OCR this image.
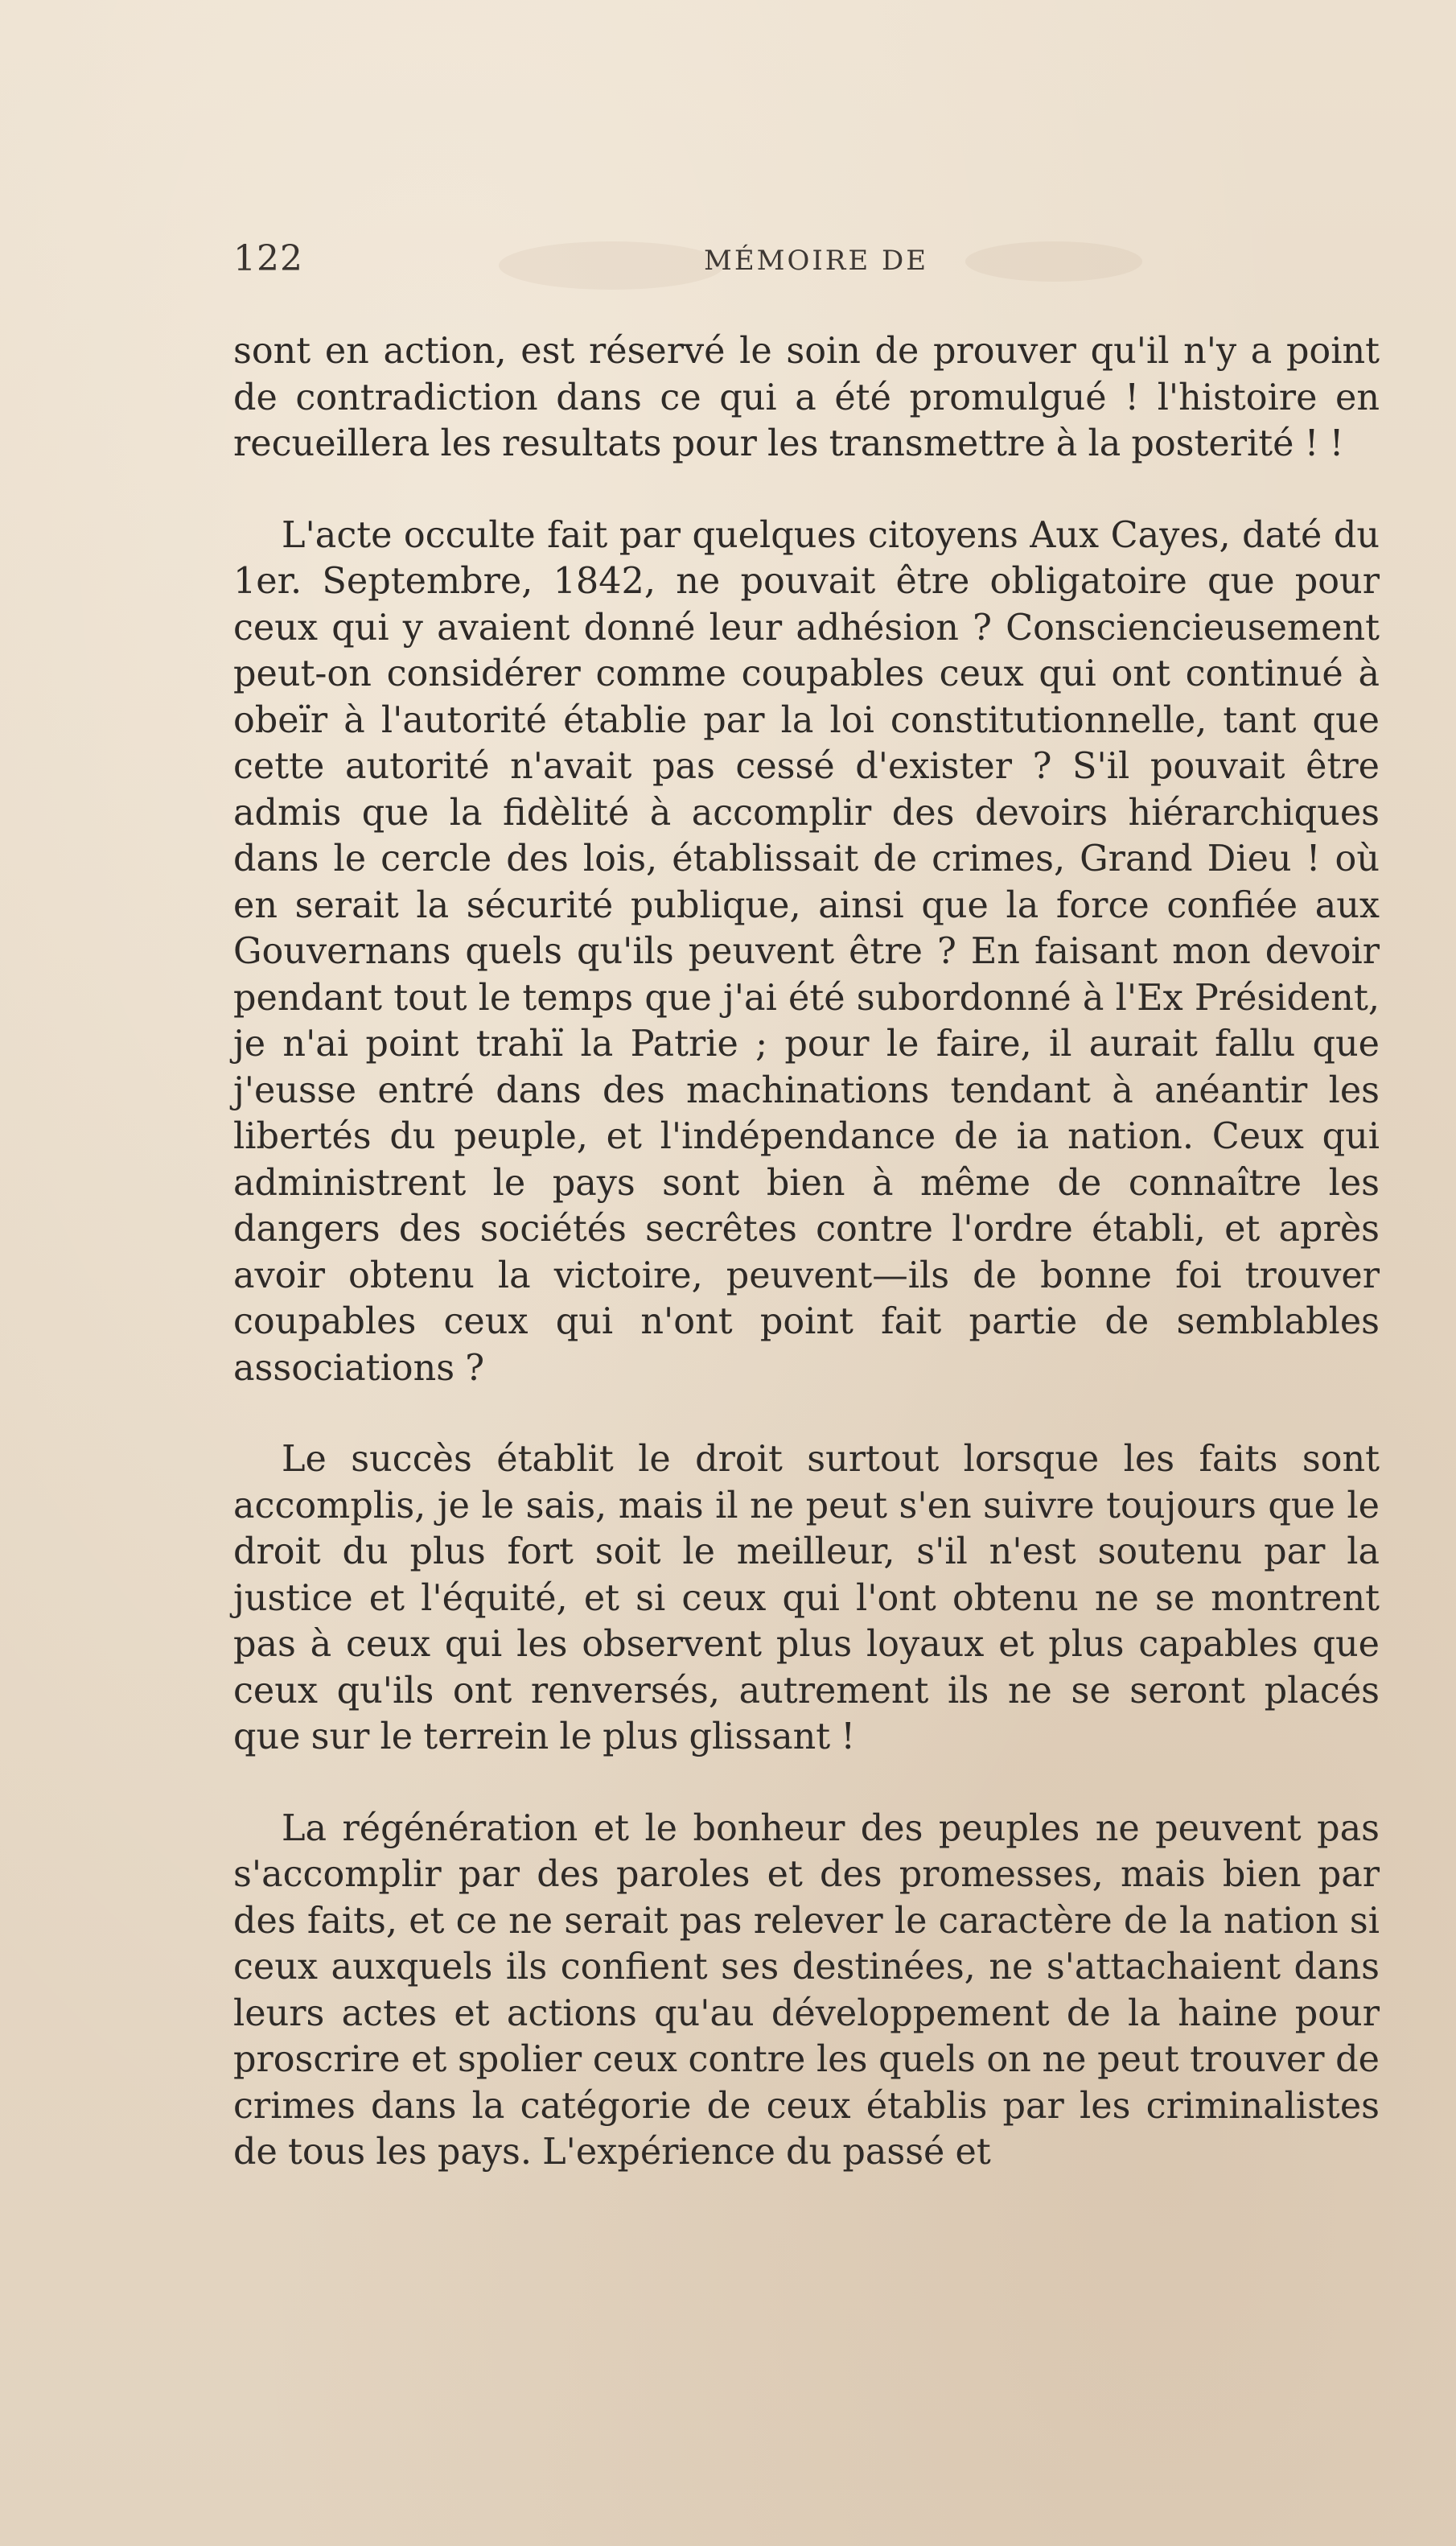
122	MÉMOIRE DE

sont en action, est réservé le soin de prouver qu'il n'y a point de contradiction dans ce qui a été promulgué ! l'histoire en recueillera les resultats pour les transmettre à la posterité ! !

L'acte occulte fait par quelques citoyens Aux Cayes, daté du 1er. Septembre, 1842, ne pouvait être obligatoire que pour ceux qui y avaient donné leur adhésion ? Consciencieusement peut-on considérer comme coupables ceux qui ont continué à obeïr à l'autorité établie par la loi constitutionnelle, tant que cette autorité n'avait pas cessé d'exister ? S'il pouvait être admis que la fidèlité à accomplir des devoirs hiérarchiques dans le cercle des lois, établissait de crimes, Grand Dieu ! où en serait la sécurité publique, ainsi que la force confiée aux Gouvernans quels qu'ils peuvent être ? En faisant mon devoir pendant tout le temps que j'ai été subordonné à l'Ex Président, je n'ai point trahï la Patrie ; pour le faire, il aurait fallu que j'eusse entré dans des machinations tendant à anéantir les libertés du peuple, et l'indépendance de ia nation. Ceux qui administrent le pays sont bien à même de connaître les dangers des sociétés secrêtes contre l'ordre établi, et après avoir obtenu la victoire, peuvent—ils de bonne foi trouver coupables ceux qui n'ont point fait partie de semblables associations ?

Le succès établit le droit surtout lorsque les faits sont accomplis, je le sais, mais il ne peut s'en suivre toujours que le droit du plus fort soit le meilleur, s'il n'est soutenu par la justice et l'équité, et si ceux qui l'ont obtenu ne se montrent pas à ceux qui les observent plus loyaux et plus capables que ceux qu'ils ont renversés, autrement ils ne se seront placés que sur le terrein le plus glissant !

La régénération et le bonheur des peuples ne peuvent pas s'accomplir par des paroles et des promesses, mais bien par des faits, et ce ne serait pas relever le caractère de la nation si ceux auxquels ils confient ses destinées, ne s'attachaient dans leurs actes et actions qu'au développement de la haine pour proscrire et spolier ceux contre les quels on ne peut trouver de crimes dans la catégorie de ceux établis par les criminalistes de tous les pays. L'expérience du passé et
